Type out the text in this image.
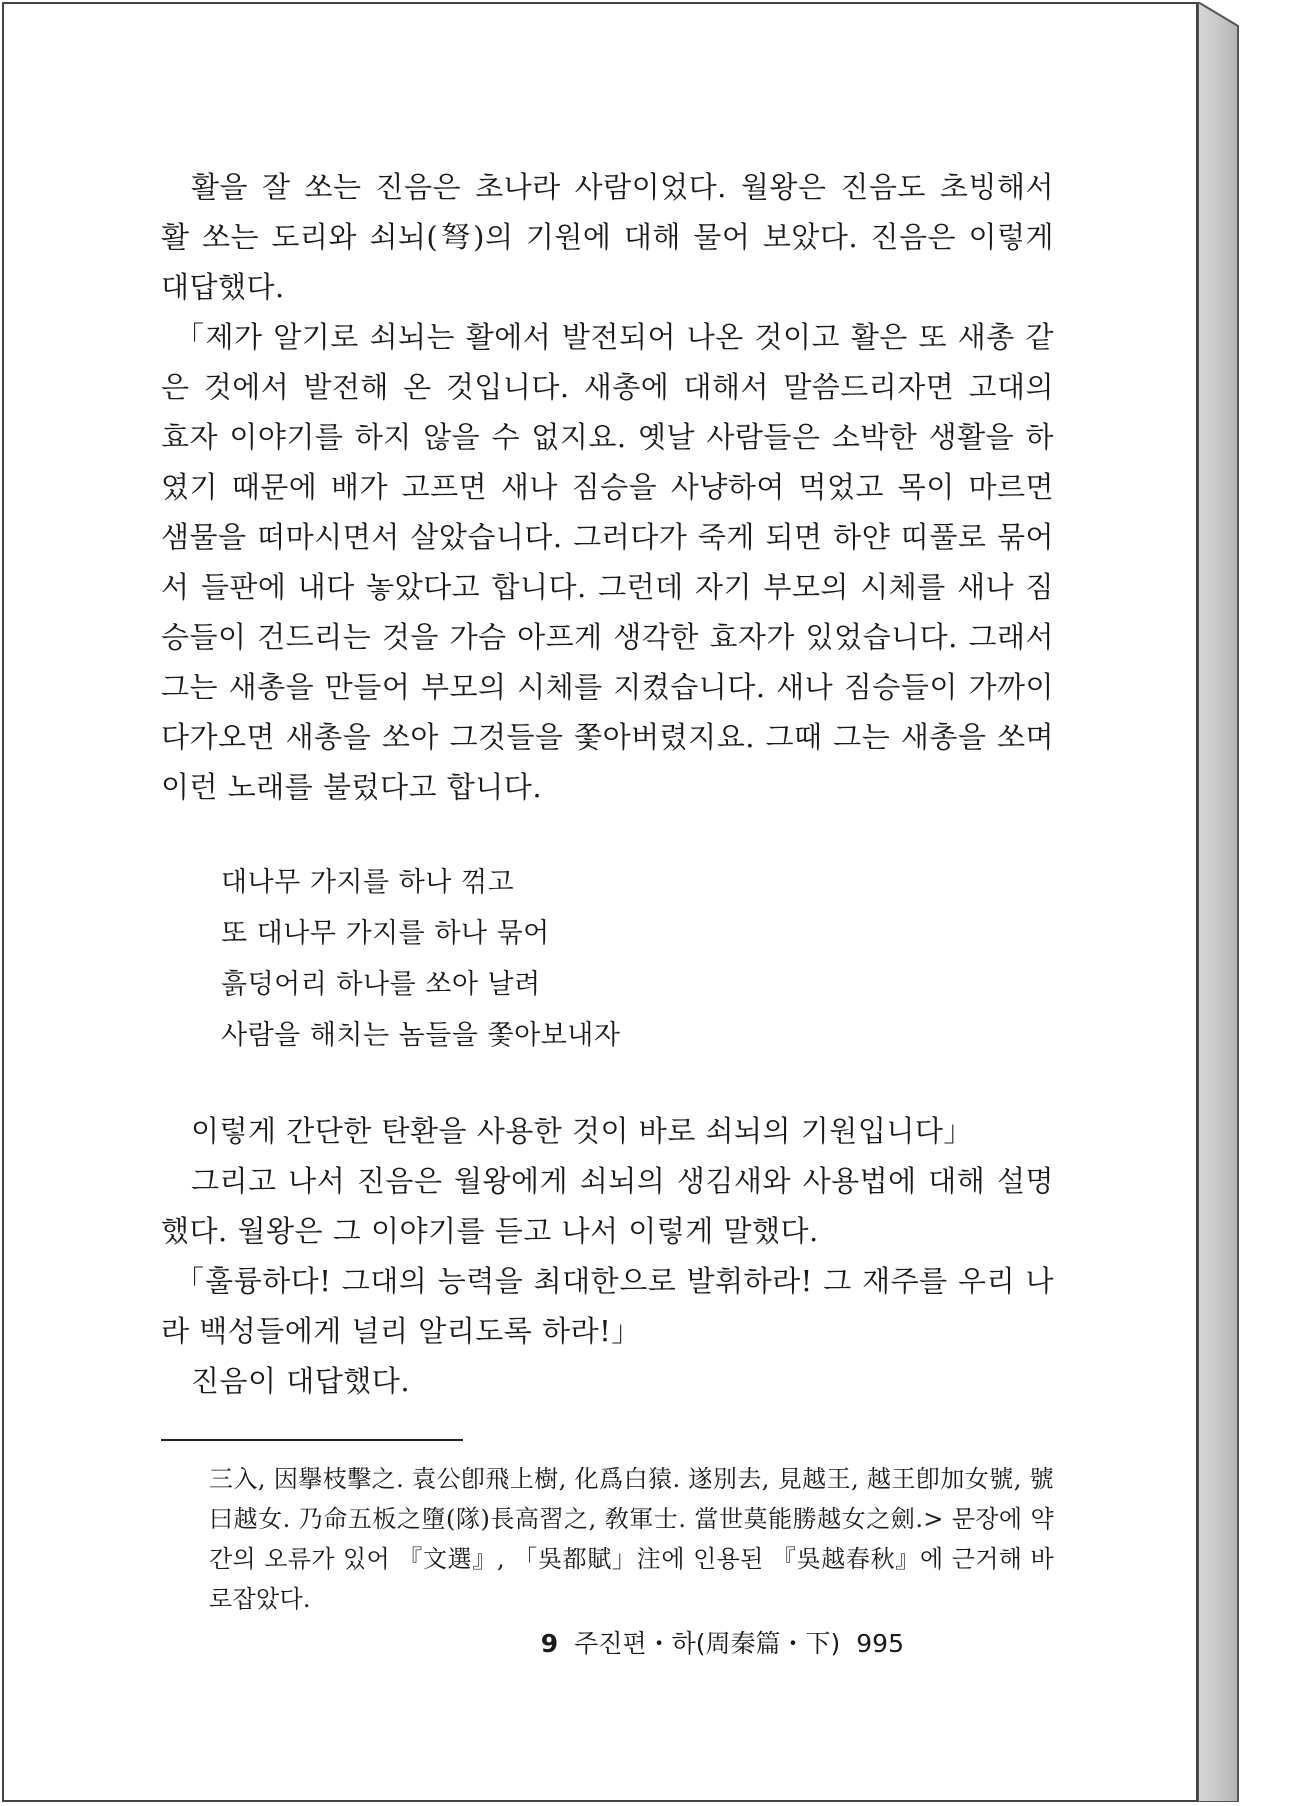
활을 잘 쏘는 진음은 초나라 사람이었다. 월왕은 진음도 초빙해서 활 쏘는 도리와 쇠뇌(弩)의 기원에 대해 물어 보았다. 진음은 이렇게 대답했다.

「제가 알기로 쇠뇌는 활에서 발전되어 나온 것이고 활은 또 새총 같은 것에서 발전해 온 것입니다. 새총에 대해서 말씀드리자면 고대의 효자 이야기를 하지 않을 수 없지요. 옛날 사람들은 소박한 생활을 하였기 때문에 배가 고프면 새나 짐승을 사냥하여 먹었고 목이 마르면 샘물을 떠마시면서 살았습니다. 그러다가 죽게 되면 하얀 띠풀로 묶어서 들판에 내다 놓았다고 합니다. 그런데 자기 부모의 시체를 새나 짐승들이 건드리는 것을 가슴 아프게 생각한 효자가 있었습니다. 그래서 그는 새총을 만들어 부모의 시체를 지켰습니다. 새나 짐승들이 가까이 다가오면 새총을 쏘아 그것들을 쫓아버렸지요. 그때 그는 새총을 쏘며 이런 노래를 불렀다고 합니다.

대나무 가지를 하나 꺾고
또 대나무 가지를 하나 묶어
흙덩어리 하나를 쏘아 날려
사람을 해치는 놈들을 쫓아보내자

이렇게 간단한 탄환을 사용한 것이 바로 쇠뇌의 기원입니다」

그리고 나서 진음은 월왕에게 쇠뇌의 생김새와 사용법에 대해 설명했다. 월왕은 그 이야기를 듣고 나서 이렇게 말했다.

「훌륭하다! 그대의 능력을 최대한으로 발휘하라! 그 재주를 우리 나라 백성들에게 널리 알리도록 하라!」

진음이 대답했다.

三入, 因擧枝擊之. 袁公卽飛上樹, 化爲白猿. 遂別去, 見越王, 越王卽加女號, 號曰越女. 乃命五板之墮(隊)長高習之, 敎軍士. 當世莫能勝越女之劍.> 문장에 약간의 오류가 있어 『文選』, 「吳都賦」注에 인용된 『吳越春秋』에 근거해 바로잡았다.

9 주진편・하(周秦篇・下) 995
